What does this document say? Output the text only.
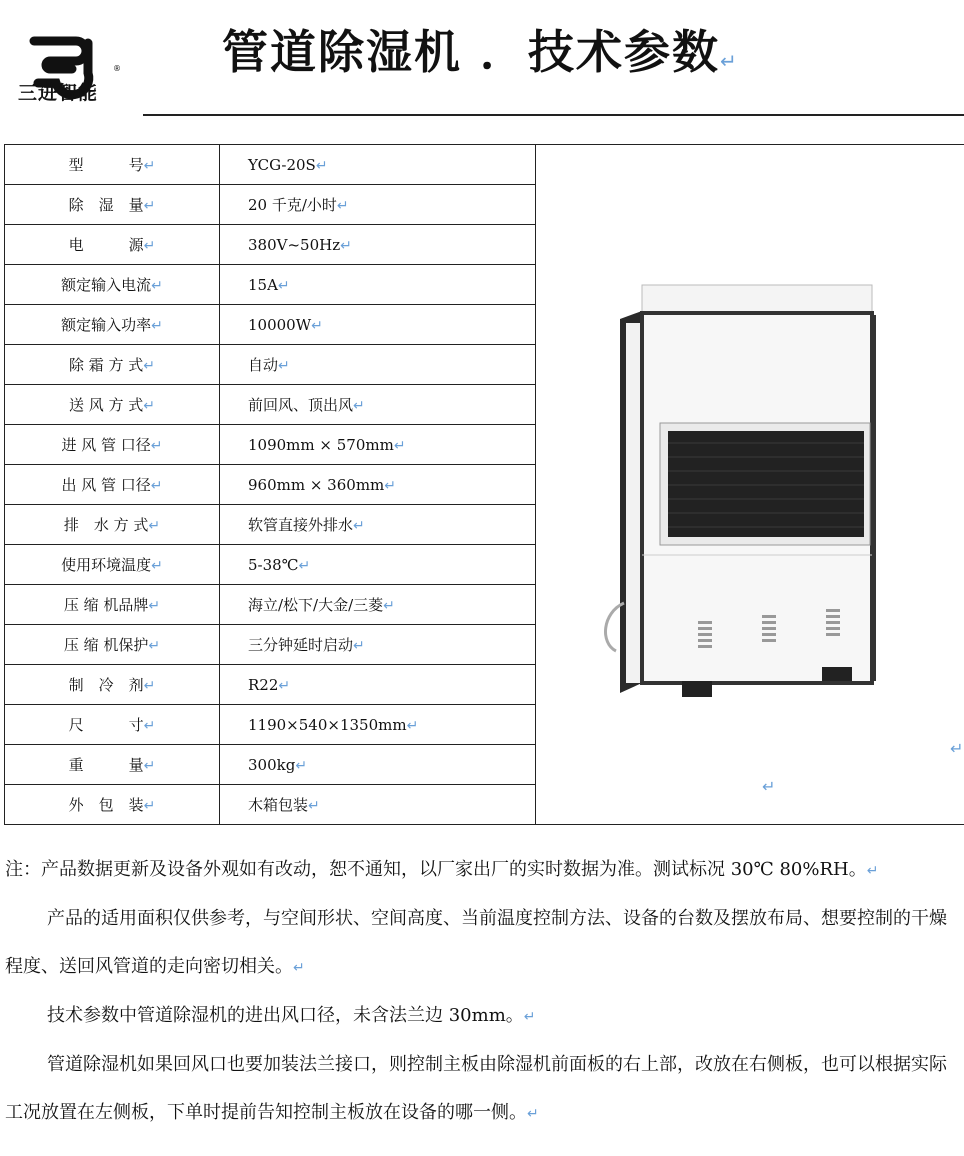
三进智能
® 管道除湿机 ．技术参数↵
型　　　号↵	YCG-20S↵	↵
↵

除　湿　量↵	20 千克/小时↵	
电　　　源↵	380V~50Hz↵	
额定输入电流↵	15A↵	
额定输入功率↵	10000W↵	
除 霜 方 式↵	自动↵	
送 风 方 式↵	前回风、顶出风↵	
进 风 管 口径↵	1090mm × 570mm↵	
出 风 管 口径↵	960mm × 360mm↵	
排　水 方 式↵	软管直接外排水↵	
使用环境温度↵	5-38℃↵	
压 缩 机品牌↵	海立/松下/大金/三菱↵	
压 缩 机保护↵	三分钟延时启动↵	
制　冷　剂↵	R22↵	
尺　　　寸↵	1190×540×1350mm↵	
重　　　量↵	300kg↵	
外　包　装↵	木箱包装↵	

注：产品数据更新及设备外观如有改动，恕不通知，以厂家出厂的实时数据为准。测试标况 30℃ 80%RH。↵

产品的适用面积仅供参考，与空间形状、空间高度、当前温度控制方法、设备的台数及摆放布局、想要控制的干燥程度、送回风管道的走向密切相关。↵

技术参数中管道除湿机的进出风口径，未含法兰边 30mm。↵

管道除湿机如果回风口也要加装法兰接口，则控制主板由除湿机前面板的右上部，改放在右侧板，也可以根据实际工况放置在左侧板，下单时提前告知控制主板放在设备的哪一侧。↵
